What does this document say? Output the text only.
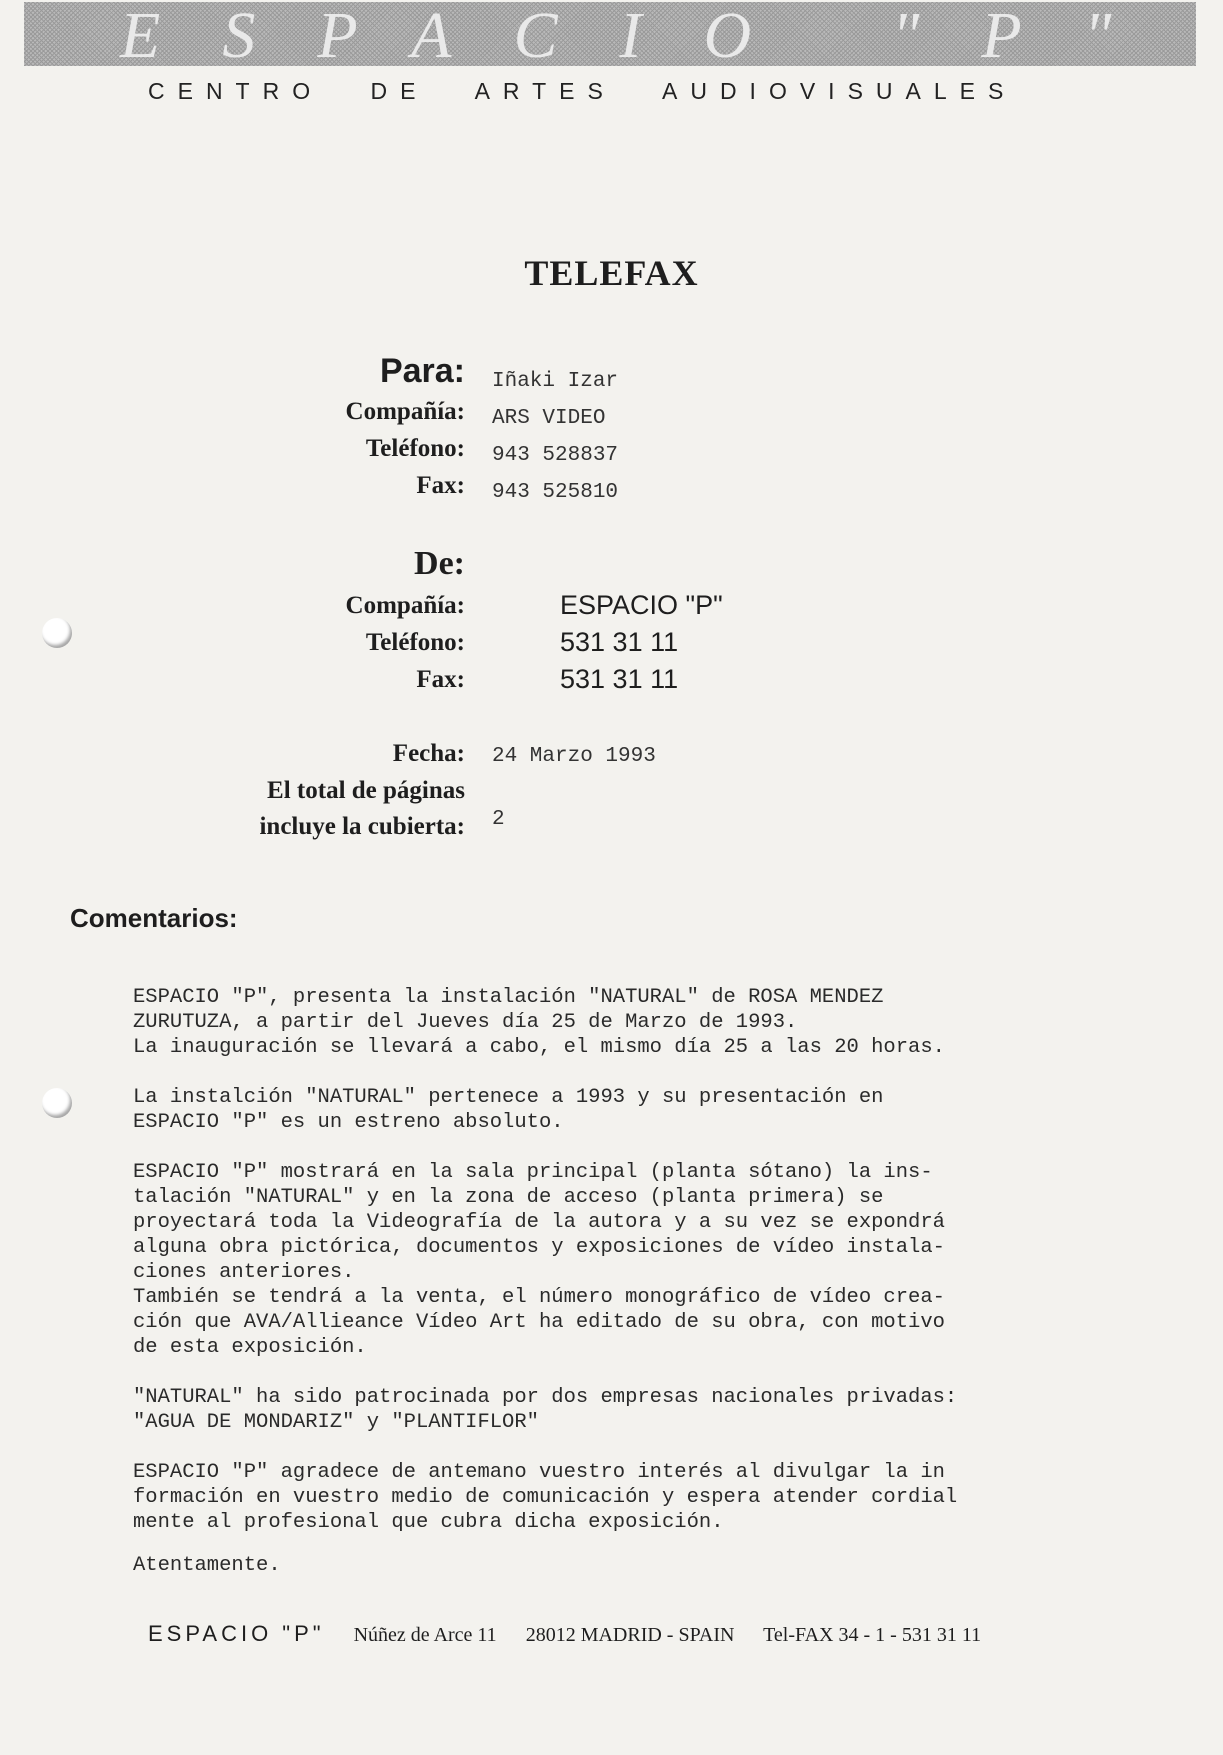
ESPACIO "P"
CENTRO DE ARTES AUDIOVISUALES
TELEFAX
Para: Iñaki Izar
Compañía: ARS VIDEO
Teléfono: 943 528837
Fax: 943 525810
De:
Compañía:	ESPACIO "P"
Teléfono:	531 31 11
Fax:	531 31 11
Fecha: 24 Marzo 1993
El total de páginas
incluye la cubierta: 2
Comentarios:
ESPACIO "P", presenta la instalación "NATURAL" de ROSA MENDEZ
ZURUTUZA, a partir del Jueves día 25 de Marzo de 1993.
La inauguración se llevará a cabo, el mismo día 25 a las 20 horas.
La instalción "NATURAL" pertenece a 1993 y su presentación en
ESPACIO "P" es un estreno absoluto.
ESPACIO "P" mostrará en la sala principal (planta sótano) la ins-
talación "NATURAL" y en la zona de acceso (planta primera) se
proyectará toda la Videografía de la autora y a su vez se expondrá
alguna obra pictórica, documentos y exposiciones de vídeo instala-
ciones anteriores.
También se tendrá a la venta, el número monográfico de vídeo crea-
ción que AVA/Allieance Vídeo Art ha editado de su obra, con motivo
de esta exposición.
"NATURAL" ha sido patrocinada por dos empresas nacionales privadas:
"AGUA DE MONDARIZ" y "PLANTIFLOR"
ESPACIO "P" agradece de antemano vuestro interés al divulgar la in
formación en vuestro medio de comunicación y espera atender cordial
mente al profesional que cubra dicha exposición.
Atentamente.
ESPACIO "P" Núñez de Arce 11 28012 MADRID - SPAIN Tel-FAX 34 - 1 - 531 31 11
